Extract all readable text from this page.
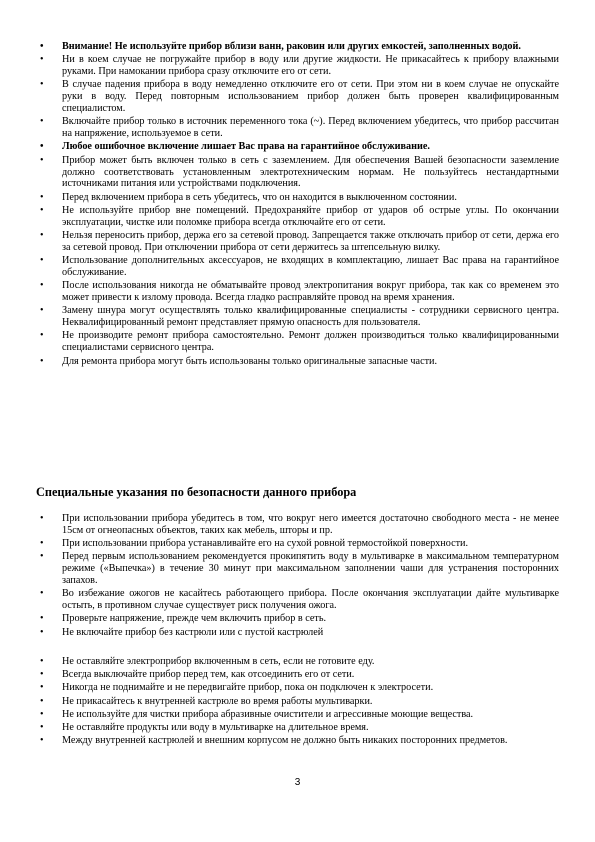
• Внимание! Не используйте прибор вблизи ванн, раковин или других емкостей, заполненных водой.
• Ни в коем случае не погружайте прибор в воду или другие жидкости. Не прикасайтесь к прибору влажными руками. При намокании прибора сразу отключите его от сети.
• В случае падения прибора в воду немедленно отключите его от сети. При этом ни в коем случае не опускайте руки в воду. Перед повторным использованием прибор должен быть проверен квалифицированным специалистом.
• Включайте прибор только в источник переменного тока (~). Перед включением убедитесь, что прибор рассчитан на напряжение, используемое в сети.
• Любое ошибочное включение лишает Вас права на гарантийное обслуживание.
• Прибор может быть включен только в сеть с заземлением. Для обеспечения Вашей безопасности заземление должно соответствовать установленным электротехническим нормам. Не пользуйтесь нестандартными источниками питания или устройствами подключения.
• Перед включением прибора в сеть убедитесь, что он находится в выключенном состоянии.
• Не используйте прибор вне помещений. Предохраняйте прибор от ударов об острые углы. По окончании эксплуатации, чистке или поломке прибора всегда отключайте его от сети.
• Нельзя переносить прибор, держа его за сетевой провод. Запрещается также отключать прибор от сети, держа его за сетевой провод. При отключении прибора от сети держитесь за штепсельную вилку.
• Использование дополнительных аксессуаров, не входящих в комплектацию, лишает Вас права на гарантийное обслуживание.
• После использования никогда не обматывайте провод электропитания вокруг прибора, так как со временем это может привести к излому провода. Всегда гладко расправляйте провод на время хранения.
• Замену шнура могут осуществлять только квалифицированные специалисты - сотрудники сервисного центра. Неквалифицированный ремонт представляет прямую опасность для пользователя.
• Не производите ремонт прибора самостоятельно. Ремонт должен производиться только квалифицированными специалистами сервисного центра.
• Для ремонта прибора могут быть использованы только оригинальные запасные части.
Специальные указания по безопасности данного прибора
• При использовании прибора убедитесь в том, что вокруг него имеется достаточно свободного места - не менее 15см от огнеопасных объектов, таких как мебель, шторы и пр.
• При использовании прибора устанавливайте его на сухой ровной термостойкой поверхности.
• Перед первым использованием рекомендуется прокипятить воду в мультиварке в максимальном температурном режиме («Выпечка») в течение 30 минут при максимальном заполнении чаши для устранения посторонних запахов.
• Во избежание ожогов не касайтесь работающего прибора. После окончания эксплуатации дайте мультиварке остыть, в противном случае существует риск получения ожога.
• Проверьте напряжение, прежде чем включить прибор в сеть.
• Не включайте прибор без кастрюли или с пустой кастрюлей
• Не оставляйте электроприбор включенным в сеть, если не готовите еду.
• Всегда выключайте прибор перед тем, как отсоединить его от сети.
• Никогда не поднимайте и не передвигайте прибор, пока он подключен к электросети.
• Не прикасайтесь к внутренней кастрюле во время работы мультиварки.
• Не используйте для чистки прибора абразивные очистители и агрессивные моющие вещества.
• Не оставляйте продукты или воду в мультиварке на длительное время.
• Между внутренней кастрюлей и внешним корпусом не должно быть никаких посторонних предметов.
3
